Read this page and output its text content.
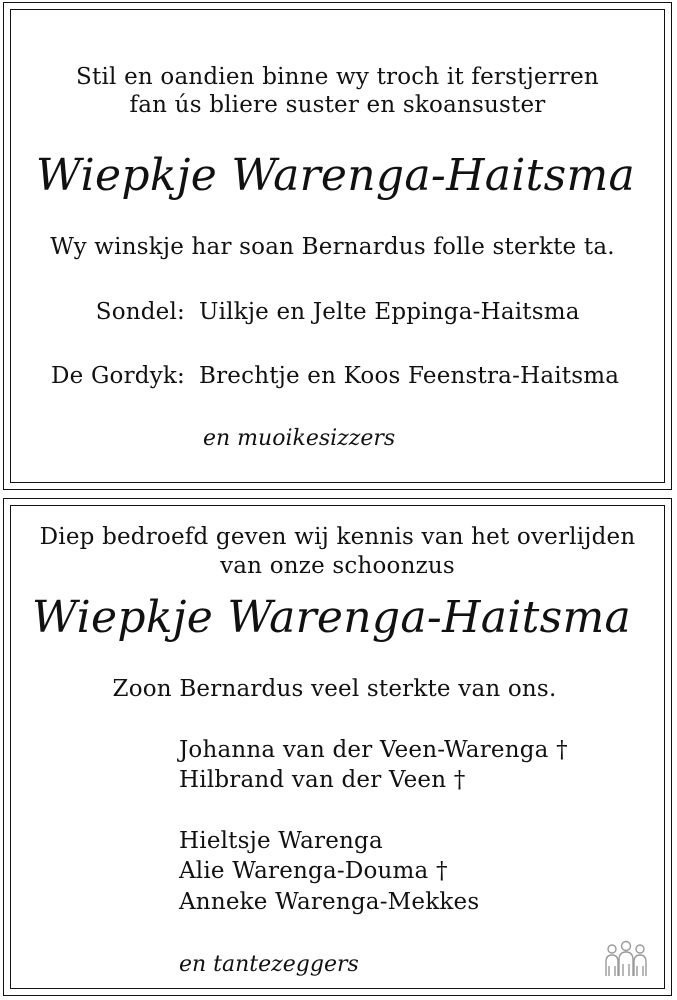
Stil en oandien binne wy troch it ferstjerren
fan ús bliere suster en skoansuster
Wiepkje Warenga-Haitsma
Wy winskje har soan Bernardus folle sterkte ta.
Sondel: Uilkje en Jelte Eppinga-Haitsma
De Gordyk: Brechtje en Koos Feenstra-Haitsma
en muoikesizzers
Diep bedroefd geven wij kennis van het overlijden
van onze schoonzus
Wiepkje Warenga-Haitsma
Zoon Bernardus veel sterkte van ons.
Johanna van der Veen-Warenga †
Hilbrand van der Veen †
Hieltsje Warenga
Alie Warenga-Douma †
Anneke Warenga-Mekkes
en tantezeggers
